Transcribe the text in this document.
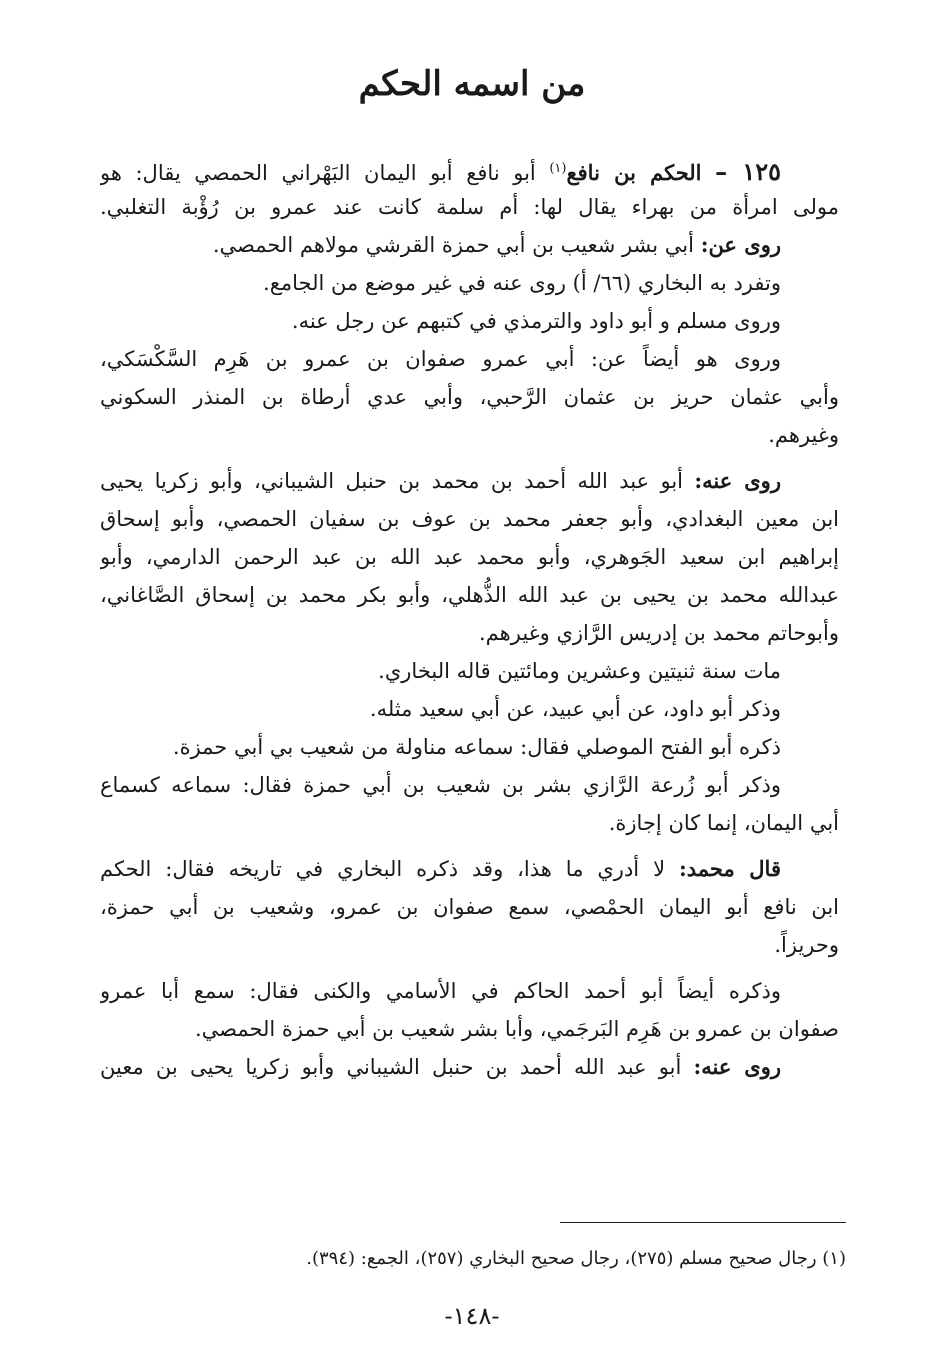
من اسمه الحكم
١٢٥ – الحكم بن نافع$^{(١)}$ أبو نافع أبو اليمان البَهْراني الحمصي يقال: هو
مولى امرأة من بهراء يقال لها: أم سلمة كانت عند عمرو بن رُؤْبة التغلبي.
روى عن: أبي بشر شعيب بن أبي حمزة القرشي مولاهم الحمصي.
وتفرد به البخاري (٦٦/ أ) روى عنه في غير موضع من الجامع.
وروى مسلم و أبو داود والترمذي في كتبهم عن رجل عنه.
وروى هو أيضاً عن: أبي عمرو صفوان بن عمرو بن هَرِم السَّكْسَكي،
وأبي عثمان حريز بن عثمان الرَّحبي، وأبي عدي أرطاة بن المنذر السكوني
وغيرهم.
روى عنه: أبو عبد الله أحمد بن محمد بن حنبل الشيباني، وأبو زكريا يحيى
ابن معين البغدادي، وأبو جعفر محمد بن عوف بن سفيان الحمصي، وأبو إسحاق
إبراهيم ابن سعيد الجَوهري، وأبو محمد عبد الله بن عبد الرحمن الدارمي، وأبو
عبدالله محمد بن يحيى بن عبد الله الذُّهلي، وأبو بكر محمد بن إسحاق الصَّاغاني،
وأبوحاتم محمد بن إدريس الرَّازي وغيرهم.
مات سنة ثنيتين وعشرين ومائتين قاله البخاري.
وذكر أبو داود، عن أبي عبيد، عن أبي سعيد مثله.
ذكره أبو الفتح الموصلي فقال: سماعه مناولة من شعيب بي أبي حمزة.
وذكر أبو زُرعة الرَّازي بشر بن شعيب بن أبي حمزة فقال: سماعه كسماع
أبي اليمان، إنما كان إجازة.
قال محمد: لا أدري ما هذا، وقد ذكره البخاري في تاريخه فقال: الحكم
ابن نافع أبو اليمان الحمْصي، سمع صفوان بن عمرو، وشعيب بن أبي حمزة،
وحريزاً.
وذكره أيضاً أبو أحمد الحاكم في الأسامي والكنى فقال: سمع أبا عمرو
صفوان بن عمرو بن هَرِم البَرجَمي، وأبا بشر شعيب بن أبي حمزة الحمصي.
روى عنه: أبو عبد الله أحمد بن حنبل الشيباني وأبو زكريا يحيى بن معين
(١) رجال صحيح مسلم (٢٧٥)، رجال صحيح البخاري (٢٥٧)، الجمع: (٣٩٤).
-١٤٨-
